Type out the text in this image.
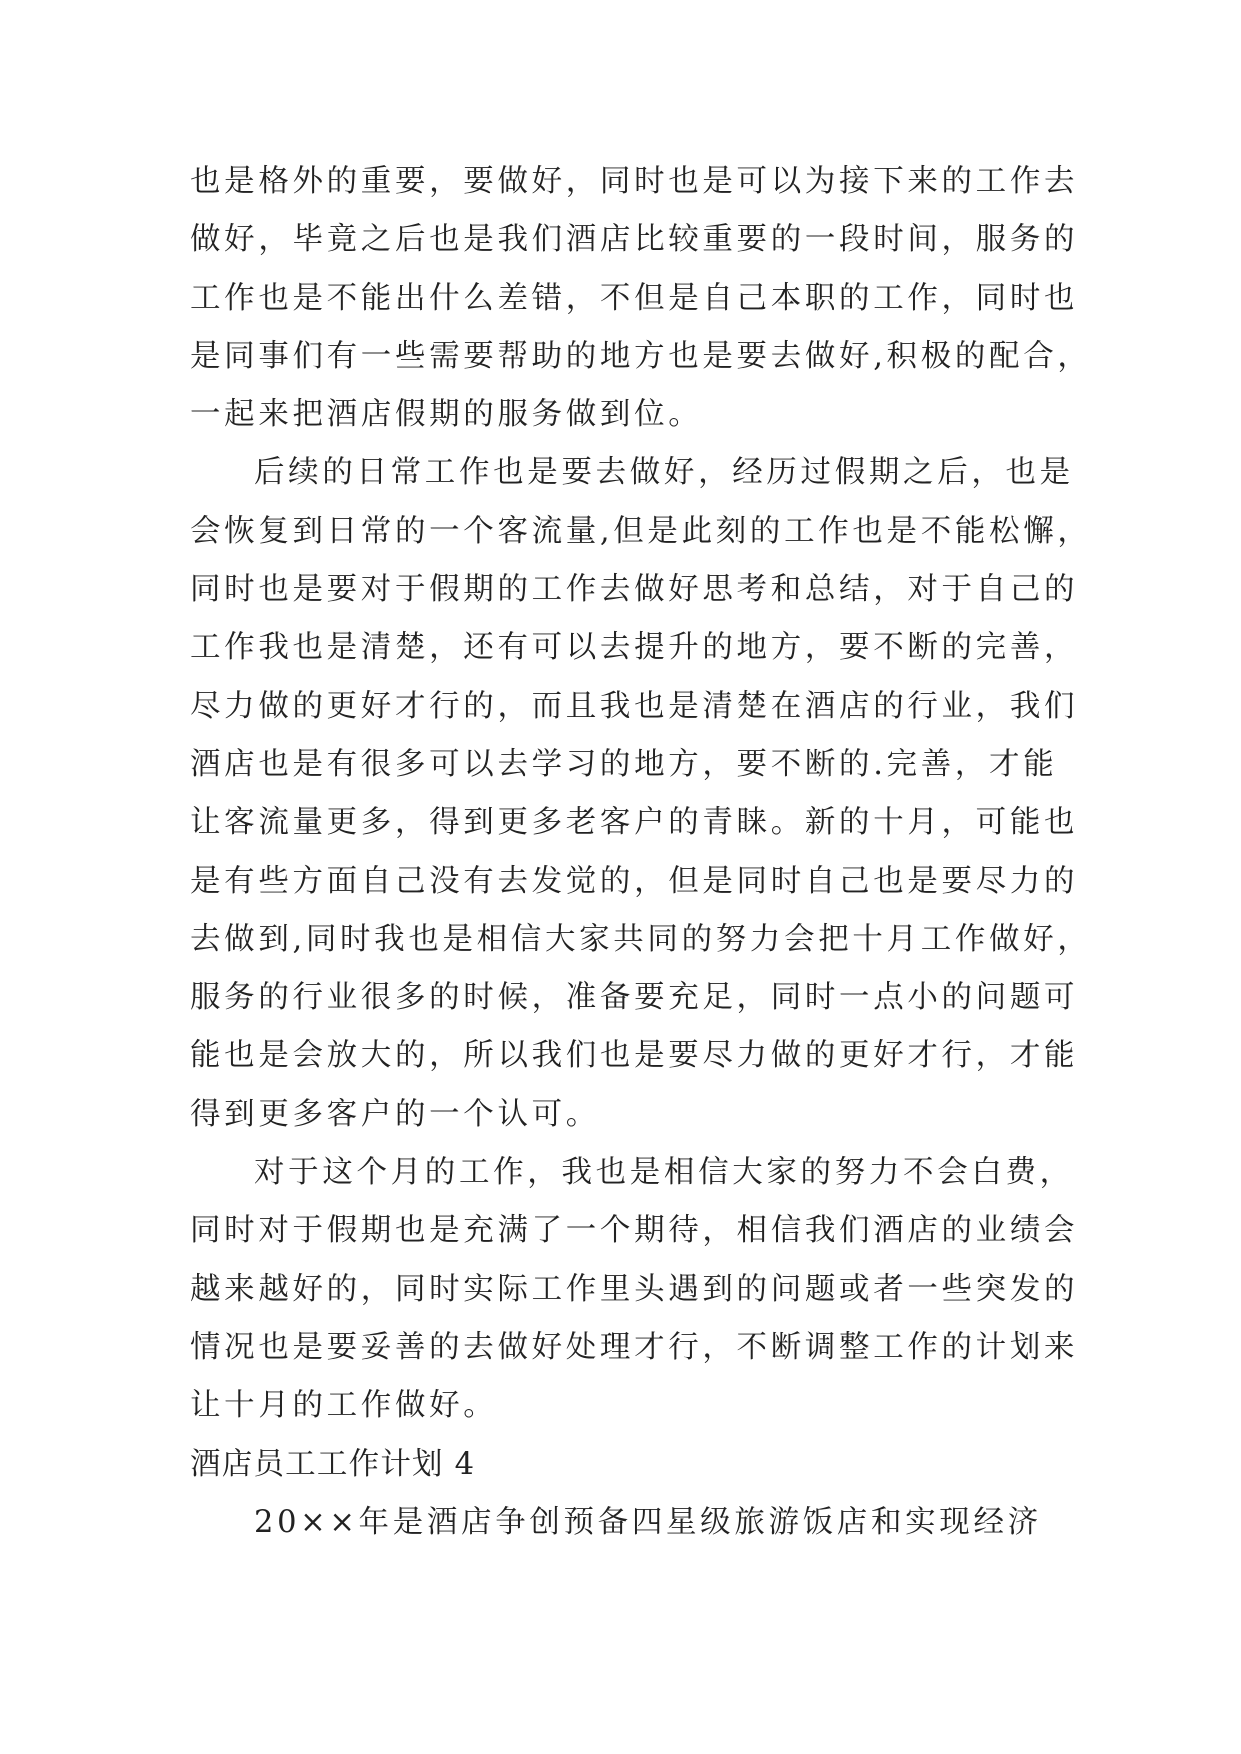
也是格外的重要，要做好，同时也是可以为接下来的工作去
做好，毕竟之后也是我们酒店比较重要的一段时间，服务的
工作也是不能出什么差错，不但是自己本职的工作，同时也
是同事们有一些需要帮助的地方也是要去做好,积极的配合，
一起来把酒店假期的服务做到位。
后续的日常工作也是要去做好，经历过假期之后，也是
会恢复到日常的一个客流量,但是此刻的工作也是不能松懈，
同时也是要对于假期的工作去做好思考和总结，对于自己的
工作我也是清楚，还有可以去提升的地方，要不断的完善，
尽力做的更好才行的，而且我也是清楚在酒店的行业，我们
酒店也是有很多可以去学习的地方，要不断的.完善，才能
让客流量更多，得到更多老客户的青睐。新的十月，可能也
是有些方面自己没有去发觉的，但是同时自己也是要尽力的
去做到,同时我也是相信大家共同的努力会把十月工作做好，
服务的行业很多的时候，准备要充足，同时一点小的问题可
能也是会放大的，所以我们也是要尽力做的更好才行，才能
得到更多客户的一个认可。
对于这个月的工作，我也是相信大家的努力不会白费，
同时对于假期也是充满了一个期待，相信我们酒店的业绩会
越来越好的，同时实际工作里头遇到的问题或者一些突发的
情况也是要妥善的去做好处理才行，不断调整工作的计划来
让十月的工作做好。
酒店员工工作计划 4
20××年是酒店争创预备四星级旅游饭店和实现经济
